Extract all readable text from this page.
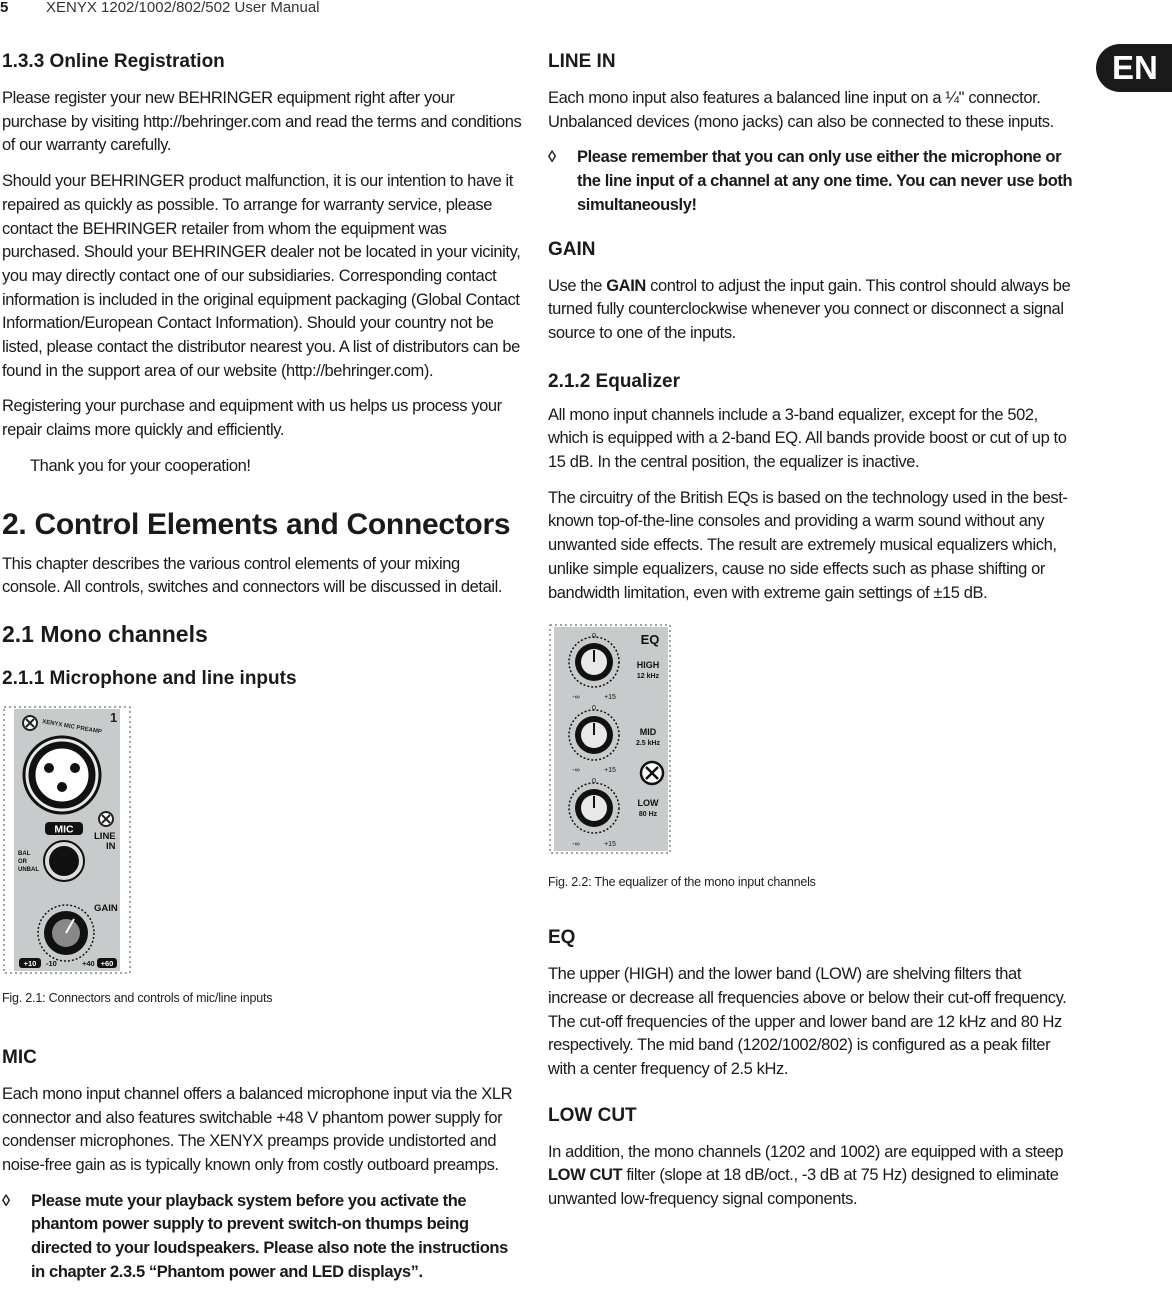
5	XENYX 1202/1002/802/502 User Manual
EN
1.3.3 Online Registration

Please register your new BEHRINGER equipment right after your purchase by visiting http://behringer.com and read the terms and conditions of our warranty carefully.

Should your BEHRINGER product malfunction, it is our intention to have it repaired as quickly as possible. To arrange for warranty service, please contact the BEHRINGER retailer from whom the equipment was purchased. Should your BEHRINGER dealer not be located in your vicinity, you may directly contact one of our subsidiaries. Corresponding contact information is included in the original equipment packaging (Global Contact Information/European Contact Information). Should your country not be listed, please contact the distributor nearest you. A list of distributors can be found in the support area of our website (http://behringer.com).

Registering your purchase and equipment with us helps us process your repair claims more quickly and efficiently.

Thank you for your cooperation!

2. Control Elements and Connectors

This chapter describes the various control elements of your mixing console. All controls, switches and connectors will be discussed in detail.

2.1 Mono channels
2.1.1 Microphone and line inputs
XENYX MIC PREAMP
1
MIC
LINE
IN
BAL
OR
UNBAL
GAIN
+10 -10	+40 +60
Fig. 2.1: Connectors and controls of mic/line inputs
MIC

Each mono input channel offers a balanced microphone input via the XLR connector and also features switchable +48 V phantom power supply for condenser microphones. The XENYX preamps provide undistorted and noise-free gain as is typically known only from costly outboard preamps.

◊ Please mute your playback system before you activate the phantom power supply to prevent switch-on thumps being directed to your loudspeakers. Please also note the instructions in chapter 2.3.5 “Phantom power and LED displays”.
LINE IN

Each mono input also features a balanced line input on a ¼" connector. Unbalanced devices (mono jacks) can also be connected to these inputs.

◊ Please remember that you can only use either the microphone or the line input of a channel at any one time. You can never use both simultaneously!
GAIN

Use the GAIN control to adjust the input gain. This control should always be turned fully counterclockwise whenever you connect or disconnect a signal source to one of the inputs.

2.1.2 Equalizer

All mono input channels include a 3-band equalizer, except for the 502, which is equipped with a 2-band EQ. All bands provide boost or cut of up to 15 dB. In the central position, the equalizer is inactive.

The circuitry of the British EQs is based on the technology used in the best-known top-of-the-line consoles and providing a warm sound without any unwanted side effects. The result are extremely musical equalizers which, unlike simple equalizers, cause no side effects such as phase shifting or bandwidth limitation, even with extreme gain settings of ±15 dB.

EQ
0
-∞	+15
HIGH
12 kHz
0
-∞	+15
MID
2.5 kHz
0
-∞	+15
LOW
80 Hz
Fig. 2.2: The equalizer of the mono input channels
EQ

The upper (HIGH) and the lower band (LOW) are shelving filters that increase or decrease all frequencies above or below their cut-off frequency. The cut-off frequencies of the upper and lower band are 12 kHz and 80 Hz respectively. The mid band (1202/1002/802) is configured as a peak filter with a center frequency of 2.5 kHz.

LOW CUT

In addition, the mono channels (1202 and 1002) are equipped with a steep LOW CUT filter (slope at 18 dB/oct., -3 dB at 75 Hz) designed to eliminate unwanted low-frequency signal components.
